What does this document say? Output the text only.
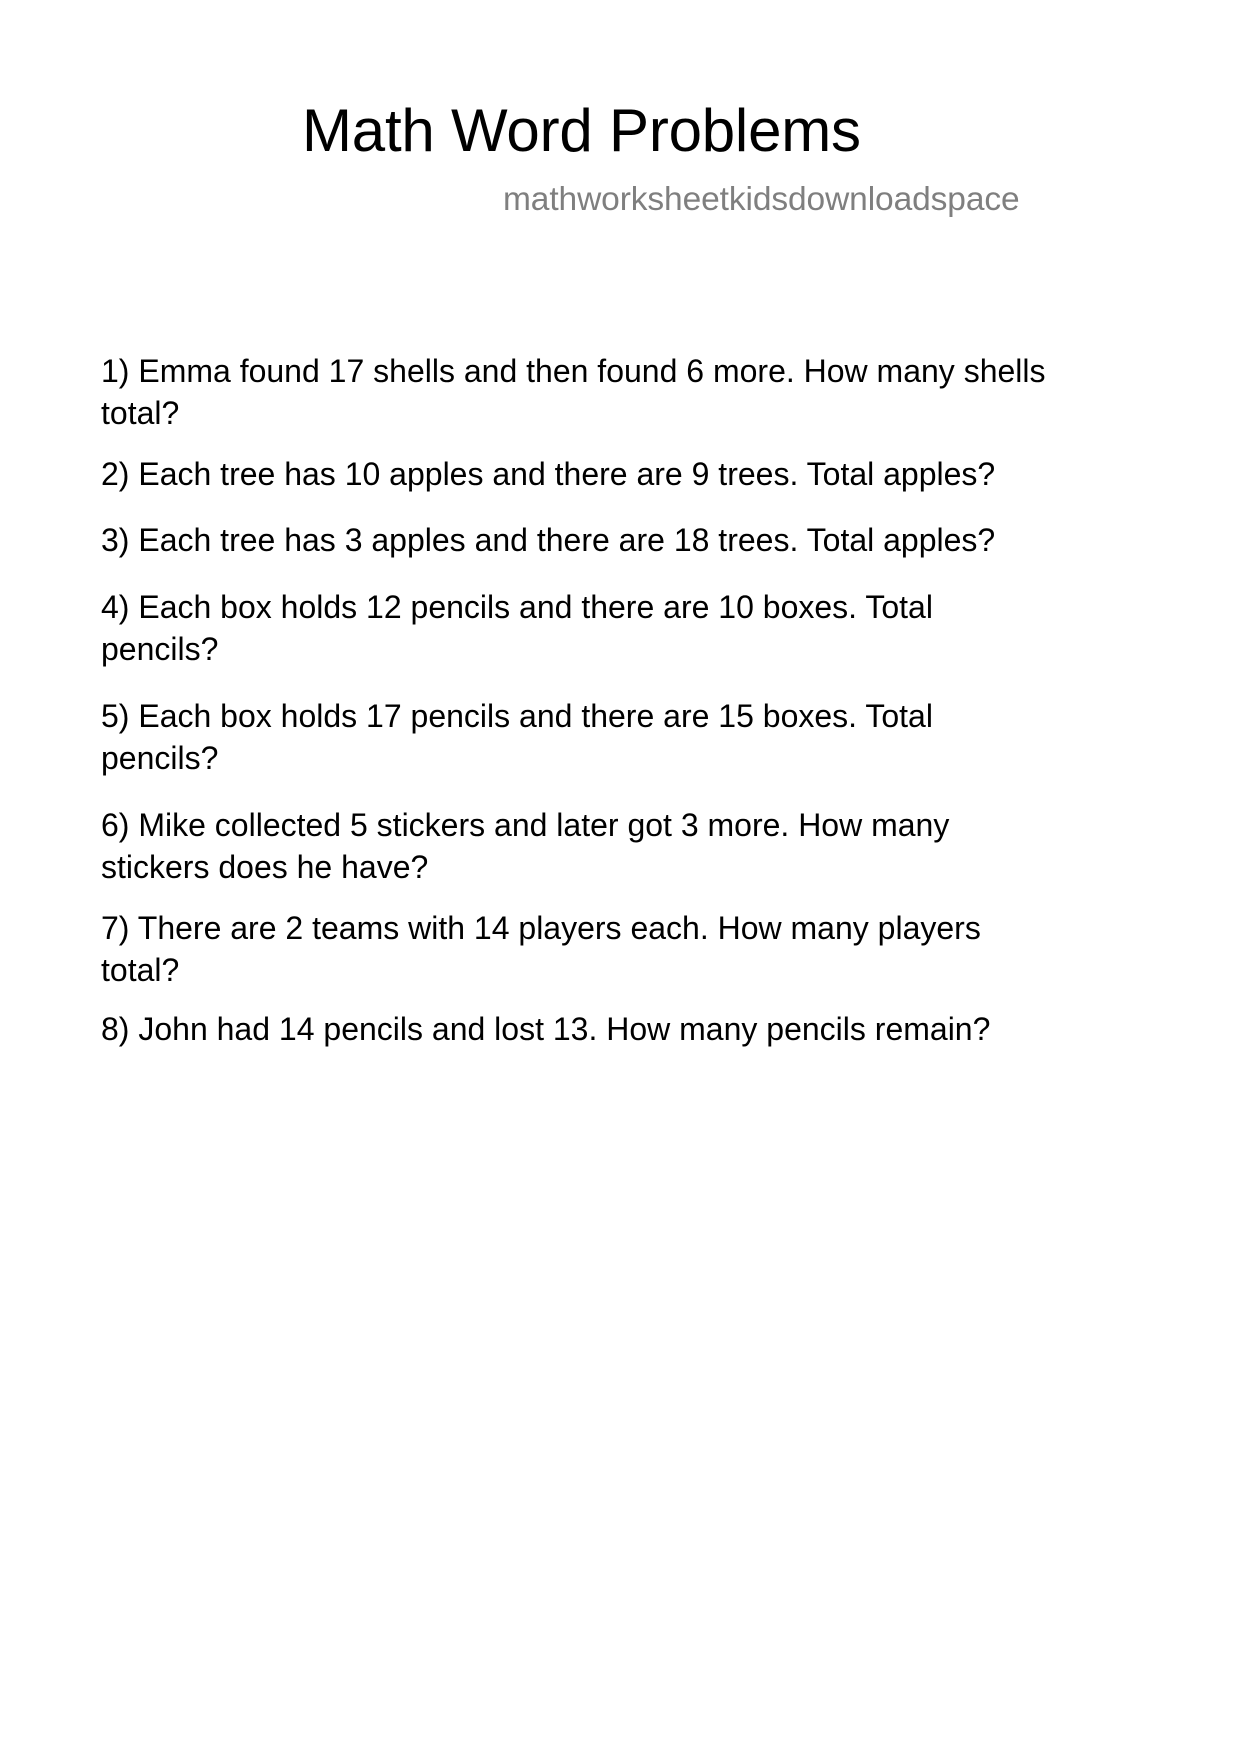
Math Word Problems
mathworksheetkidsdownloadspace
1) Emma found 17 shells and then found 6 more. How many shells
total?
2) Each tree has 10 apples and there are 9 trees. Total apples?
3) Each tree has 3 apples and there are 18 trees. Total apples?
4) Each box holds 12 pencils and there are 10 boxes. Total
pencils?
5) Each box holds 17 pencils and there are 15 boxes. Total
pencils?
6) Mike collected 5 stickers and later got 3 more. How many
stickers does he have?
7) There are 2 teams with 14 players each. How many players
total?
8) John had 14 pencils and lost 13. How many pencils remain?
